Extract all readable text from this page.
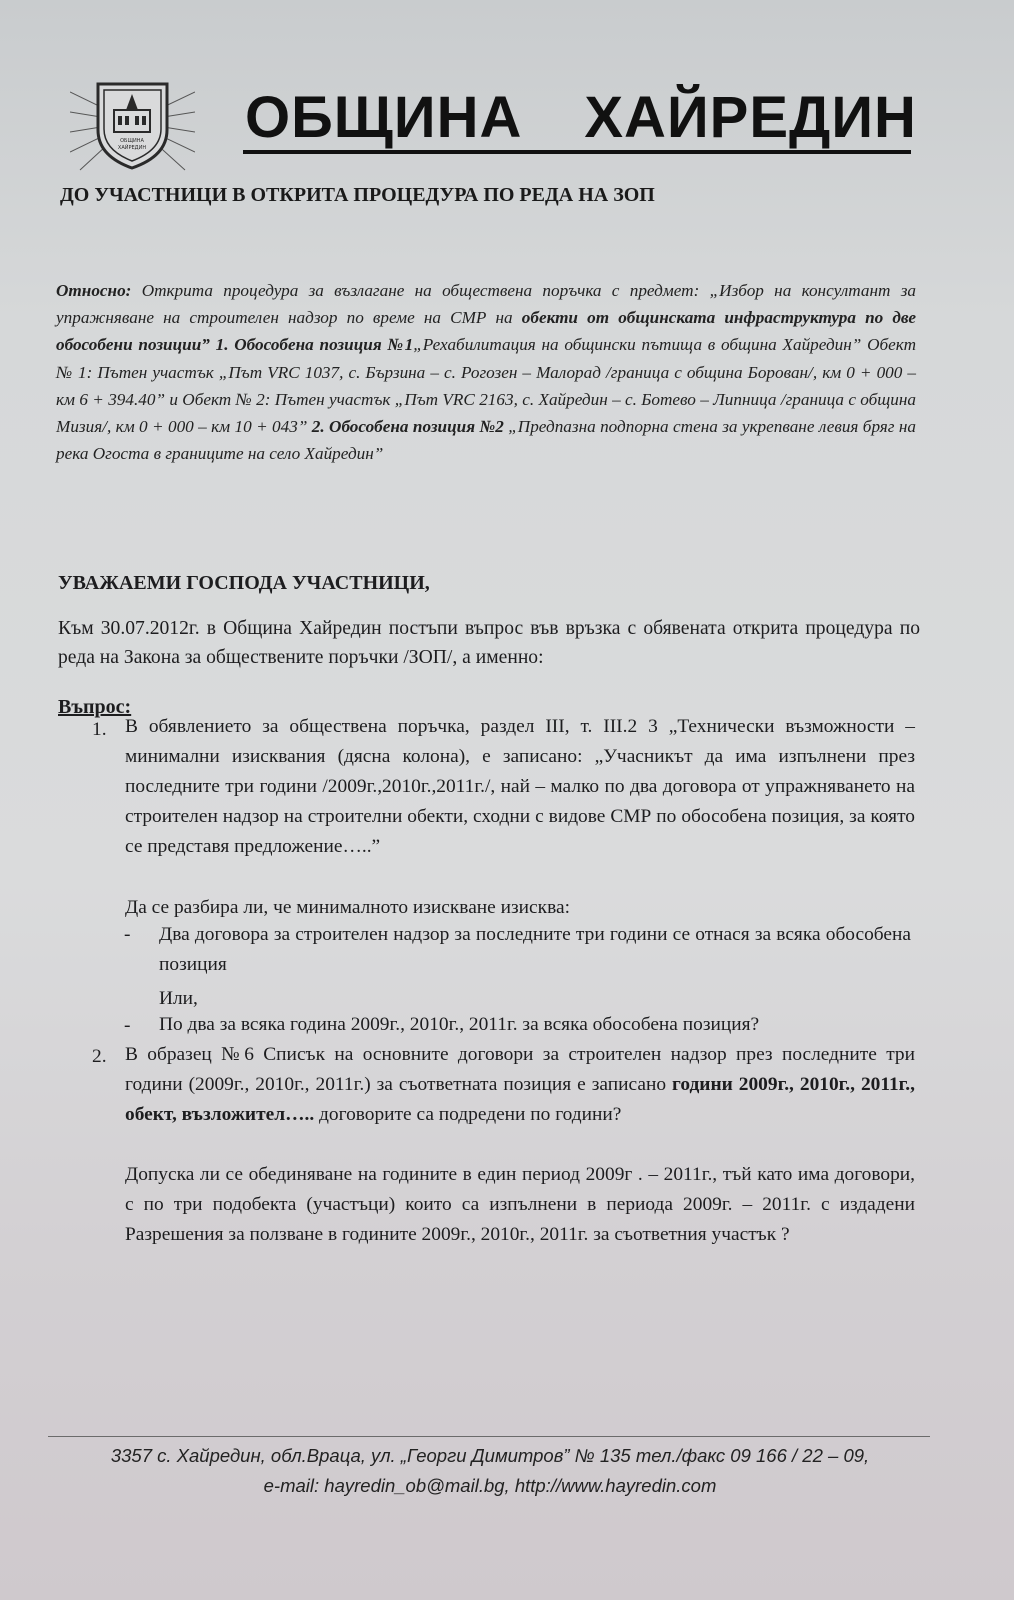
ОБЩИНА
ХАЙРЕДИН ОБЩИНА ХАЙРЕДИН
ДО УЧАСТНИЦИ В ОТКРИТА ПРОЦЕДУРА ПО РЕДА НА ЗОП
Относно: Открита процедура за възлагане на обществена поръчка с предмет: „Избор на консултант за упражняване на строителен надзор по време на СМР на обекти от общинската инфраструктура по две обособени позиции” 1. Обособена позиция №1„Рехабилитация на общински пътища в община Хайредин” Обект № 1: Пътен участък „Път VRC 1037, с. Бързина – с. Рогозен – Малорад /граница с община Борован/, км 0 + 000 – км 6 + 394.40” и Обект № 2: Пътен участък „Път VRC 2163, с. Хайредин – с. Ботево – Липница /граница с община Мизия/, км 0 + 000 – км 10 + 043” 2. Обособена позиция №2 „Предпазна подпорна стена за укрепване левия бряг на река Огоста в границите на село Хайредин”
УВАЖАЕМИ ГОСПОДА УЧАСТНИЦИ,
Към 30.07.2012г. в Община Хайредин постъпи въпрос във връзка с обявената открита процедура по реда на Закона за обществените поръчки /ЗОП/, а именно:
Въпрос:
1. В обявлението за обществена поръчка, раздел III, т. III.2 3 „Технически възможности – минимални изисквания (дясна колона), е записано: „Учасникът да има изпълнени през последните три години /2009г.,2010г.,2011г./, най – малко по два договора от упражняването на строителен надзор на строителни обекти, сходни с видове СМР по обособена позиция, за която се представя предложение…..”
Да се разбира ли, че минималното изискване изисква:
- Два договора за строителен надзор за последните три години се отнася за всяка обособена позиция
Или,
- По два за всяка година 2009г., 2010г., 2011г. за всяка обособена позиция?
2. В образец №6 Списък на основните договори за строителен надзор през последните три години (2009г., 2010г., 2011г.) за съответната позиция е записано години 2009г., 2010г., 2011г., обект, възложител….. договорите са подредени по години?
Допуска ли се обединяване на годините в един период 2009г . – 2011г., тъй като има договори, с по три подобекта (участъци) които са изпълнени в периода 2009г. – 2011г. с издадени Разрешения за ползване в годините 2009г., 2010г., 2011г. за съответния участък ?
3357 с. Хайредин, обл.Враца, ул. „Георги Димитров” № 135 тел./факс 09 166 / 22 – 09,
e-mail: hayredin_ob@mail.bg, http://www.hayredin.com
